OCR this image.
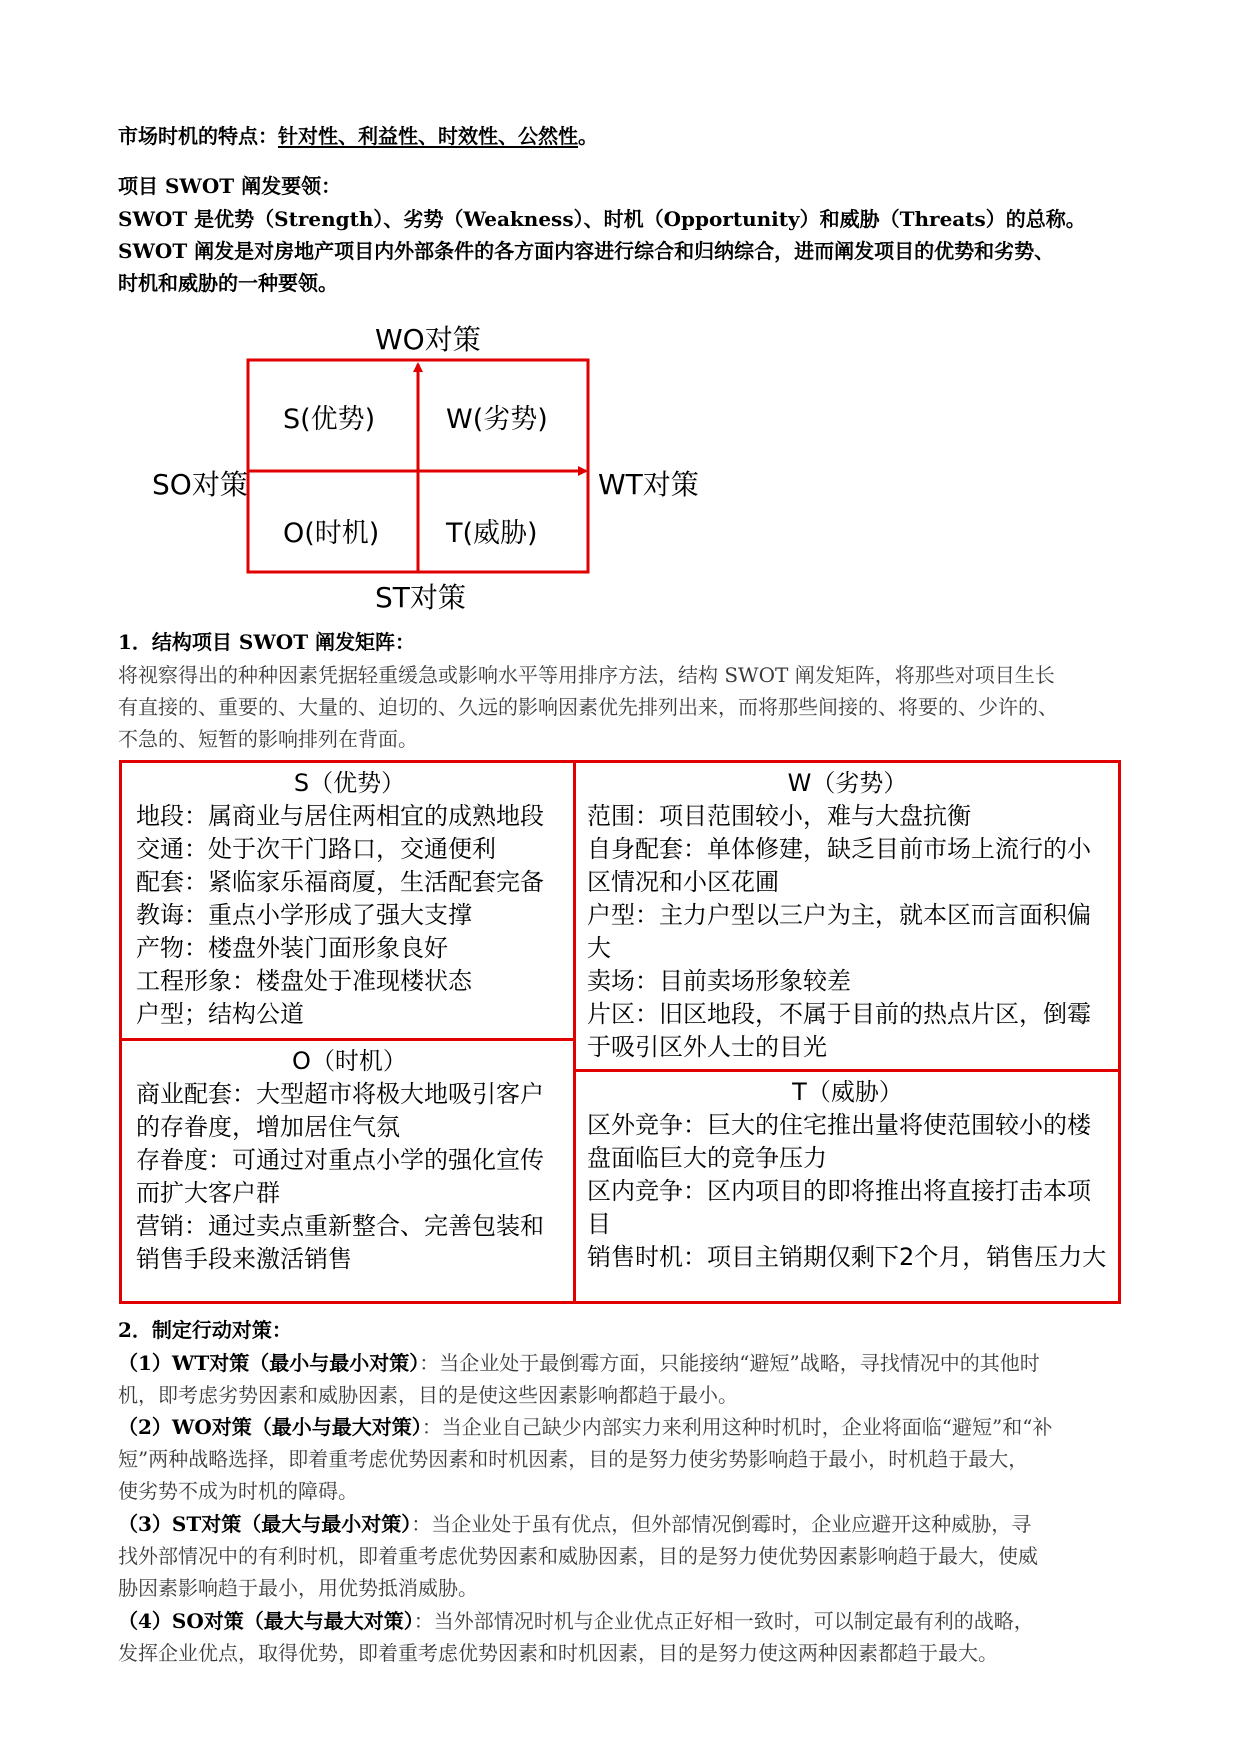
市场时机的特点：针对性、利益性、时效性、公然性。
项目 SWOT 阐发要领：
SWOT 是优势（Strength）、劣势（Weakness）、时机（Opportunity）和威胁（Threats）的总称。
SWOT 阐发是对房地产项目内外部条件的各方面内容进行综合和归纳综合，进而阐发项目的优势和劣势、
时机和威胁的一种要领。
WO对策
SO对策	WT对策
ST对策
S(优势)	W(劣势)
O(时机) T(威胁)
1．结构项目 SWOT 阐发矩阵：
将视察得出的种种因素凭据轻重缓急或影响水平等用排序方法，结构 SWOT 阐发矩阵，将那些对项目生长
有直接的、重要的、大量的、迫切的、久远的影响因素优先排列出来，而将那些间接的、将要的、少许的、
不急的、短暂的影响排列在背面。
S（优势）
地段：属商业与居住两相宜的成熟地段
交通：处于次干门路口，交通便利
配套：紧临家乐福商厦，生活配套完备
教诲：重点小学形成了强大支撑
产物：楼盘外装门面形象良好
工程形象：楼盘处于准现楼状态
户型；结构公道
O（时机）
商业配套：大型超市将极大地吸引客户
的存眷度，增加居住气氛
存眷度：可通过对重点小学的强化宣传
而扩大客户群
营销：通过卖点重新整合、完善包装和
销售手段来激活销售
W（劣势）
范围：项目范围较小，难与大盘抗衡
自身配套：单体修建，缺乏目前市场上流行的小
区情况和小区花圃
户型：主力户型以三户为主，就本区而言面积偏
大
卖场：目前卖场形象较差
片区：旧区地段，不属于目前的热点片区，倒霉
于吸引区外人士的目光
T（威胁）
区外竞争：巨大的住宅推出量将使范围较小的楼
盘面临巨大的竞争压力
区内竞争：区内项目的即将推出将直接打击本项
目
销售时机：项目主销期仅剩下2个月，销售压力大
2．制定行动对策：
（1）WT对策（最小与最小对策）：当企业处于最倒霉方面，只能接纳“避短”战略，寻找情况中的其他时
机，即考虑劣势因素和威胁因素，目的是使这些因素影响都趋于最小。
（2）WO对策（最小与最大对策）：当企业自己缺少内部实力来利用这种时机时，企业将面临“避短”和“补
短”两种战略选择，即着重考虑优势因素和时机因素，目的是努力使劣势影响趋于最小，时机趋于最大，
使劣势不成为时机的障碍。
（3）ST对策（最大与最小对策）：当企业处于虽有优点，但外部情况倒霉时，企业应避开这种威胁，寻
找外部情况中的有利时机，即着重考虑优势因素和威胁因素，目的是努力使优势因素影响趋于最大，使威
胁因素影响趋于最小，用优势抵消威胁。
（4）SO对策（最大与最大对策）：当外部情况时机与企业优点正好相一致时，可以制定最有利的战略，
发挥企业优点，取得优势，即着重考虑优势因素和时机因素，目的是努力使这两种因素都趋于最大。
